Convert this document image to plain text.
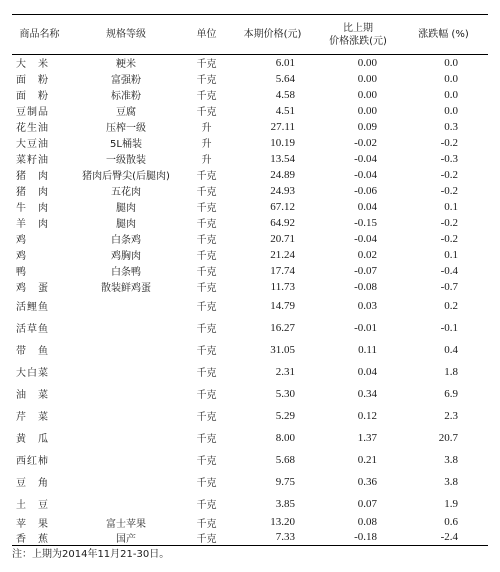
商品名称	规格等级	单位	本期价格(元)	比上期
价格涨跌(元)	涨跌幅 (%)
大　米	粳米	千克	6.01	0.00	0.0
面　粉	富强粉	千克	5.64	0.00	0.0
面　粉	标准粉	千克	4.58	0.00	0.0
豆制品	豆腐	千克	4.51	0.00	0.0
花生油	压榨一级	升	27.11	0.09	0.3
大豆油	5L桶装	升	10.19	-0.02	-0.2
菜籽油	一级散装	升	13.54	-0.04	-0.3
猪　肉	猪肉后臀尖(后腿肉)	千克	24.89	-0.04	-0.2
猪　肉	五花肉	千克	24.93	-0.06	-0.2
牛　肉	腿肉	千克	67.12	0.04	0.1
羊　肉	腿肉	千克	64.92	-0.15	-0.2
鸡	白条鸡	千克	20.71	-0.04	-0.2
鸡	鸡胸肉	千克	21.24	0.02	0.1
鸭	白条鸭	千克	17.74	-0.07	-0.4
鸡　蛋	散装鲜鸡蛋	千克	11.73	-0.08	-0.7
活鲤鱼		千克	14.79	0.03	0.2
活草鱼		千克	16.27	-0.01	-0.1
带　鱼		千克	31.05	0.11	0.4
大白菜		千克	2.31	0.04	1.8
油　菜		千克	5.30	0.34	6.9
芹　菜		千克	5.29	0.12	2.3
黄　瓜		千克	8.00	1.37	20.7
西红柿		千克	5.68	0.21	3.8
豆　角		千克	9.75	0.36	3.8
土　豆		千克	3.85	0.07	1.9
苹　果	富士苹果	千克	13.20	0.08	0.6
香　蕉	国产	千克	7.33	-0.18	-2.4
注：上期为2014年11月21-30日。
